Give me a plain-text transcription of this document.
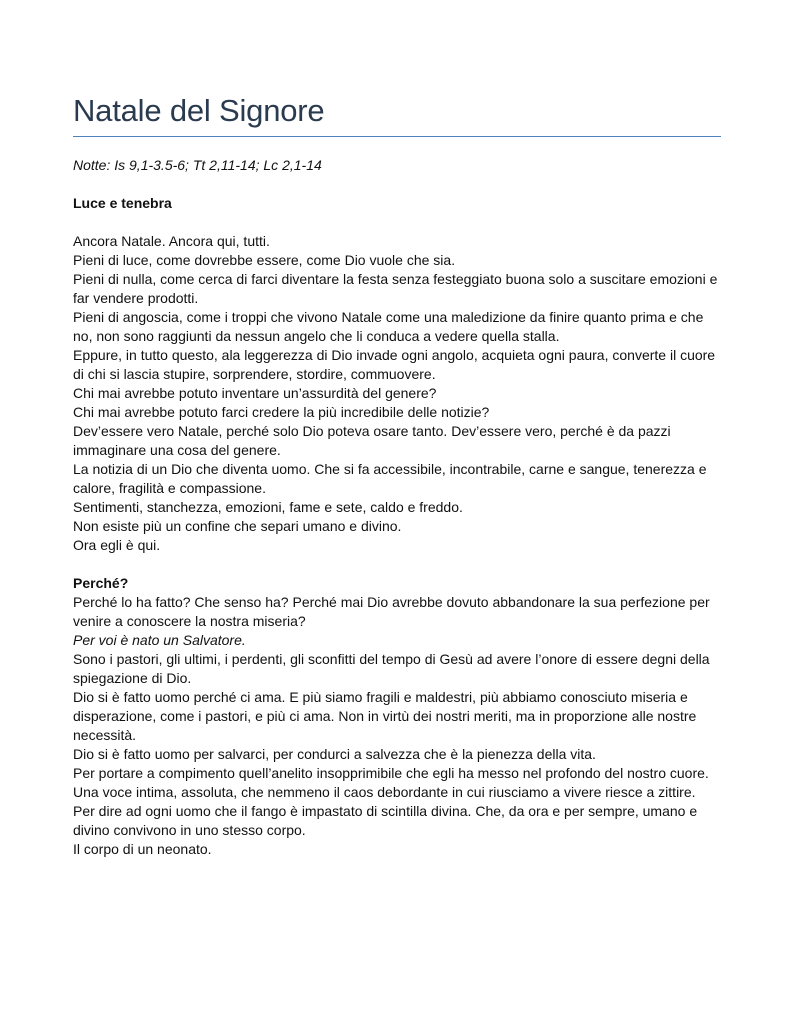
Natale del Signore
Notte: Is 9,1-3.5-6; Tt 2,11-14; Lc 2,1-14
Luce e tenebra

Ancora Natale. Ancora qui, tutti.

Pieni di luce, come dovrebbe essere, come Dio vuole che sia.

Pieni di nulla, come cerca di farci diventare la festa senza festeggiato buona solo a suscitare emozioni e far vendere prodotti.

Pieni di angoscia, come i troppi che vivono Natale come una maledizione da finire quanto prima e che no, non sono raggiunti da nessun angelo che li conduca a vedere quella stalla.

Eppure, in tutto questo, ala leggerezza di Dio invade ogni angolo, acquieta ogni paura, converte il cuore di chi si lascia stupire, sorprendere, stordire, commuovere.

Chi mai avrebbe potuto inventare un’assurdità del genere?

Chi mai avrebbe potuto farci credere la più incredibile delle notizie?

Dev’essere vero Natale, perché solo Dio poteva osare tanto. Dev’essere vero, perché è da pazzi immaginare una cosa del genere.

La notizia di un Dio che diventa uomo. Che si fa accessibile, incontrabile, carne e sangue, tenerezza e calore, fragilità e compassione.

Sentimenti, stanchezza, emozioni, fame e sete, caldo e freddo.

Non esiste più un confine che separi umano e divino.

Ora egli è qui.

Perché?

Perché lo ha fatto? Che senso ha? Perché mai Dio avrebbe dovuto abbandonare la sua perfezione per venire a conoscere la nostra miseria?

Per voi è nato un Salvatore.

Sono i pastori, gli ultimi, i perdenti, gli sconfitti del tempo di Gesù ad avere l’onore di essere degni della spiegazione di Dio.

Dio si è fatto uomo perché ci ama. E più siamo fragili e maldestri, più abbiamo conosciuto miseria e disperazione, come i pastori, e più ci ama. Non in virtù dei nostri meriti, ma in proporzione alle nostre necessità.

Dio si è fatto uomo per salvarci, per condurci a salvezza che è la pienezza della vita.

Per portare a compimento quell’anelito insopprimibile che egli ha messo nel profondo del nostro cuore. Una voce intima, assoluta, che nemmeno il caos debordante in cui riusciamo a vivere riesce a zittire.

Per dire ad ogni uomo che il fango è impastato di scintilla divina. Che, da ora e per sempre, umano e divino convivono in uno stesso corpo.

Il corpo di un neonato.
